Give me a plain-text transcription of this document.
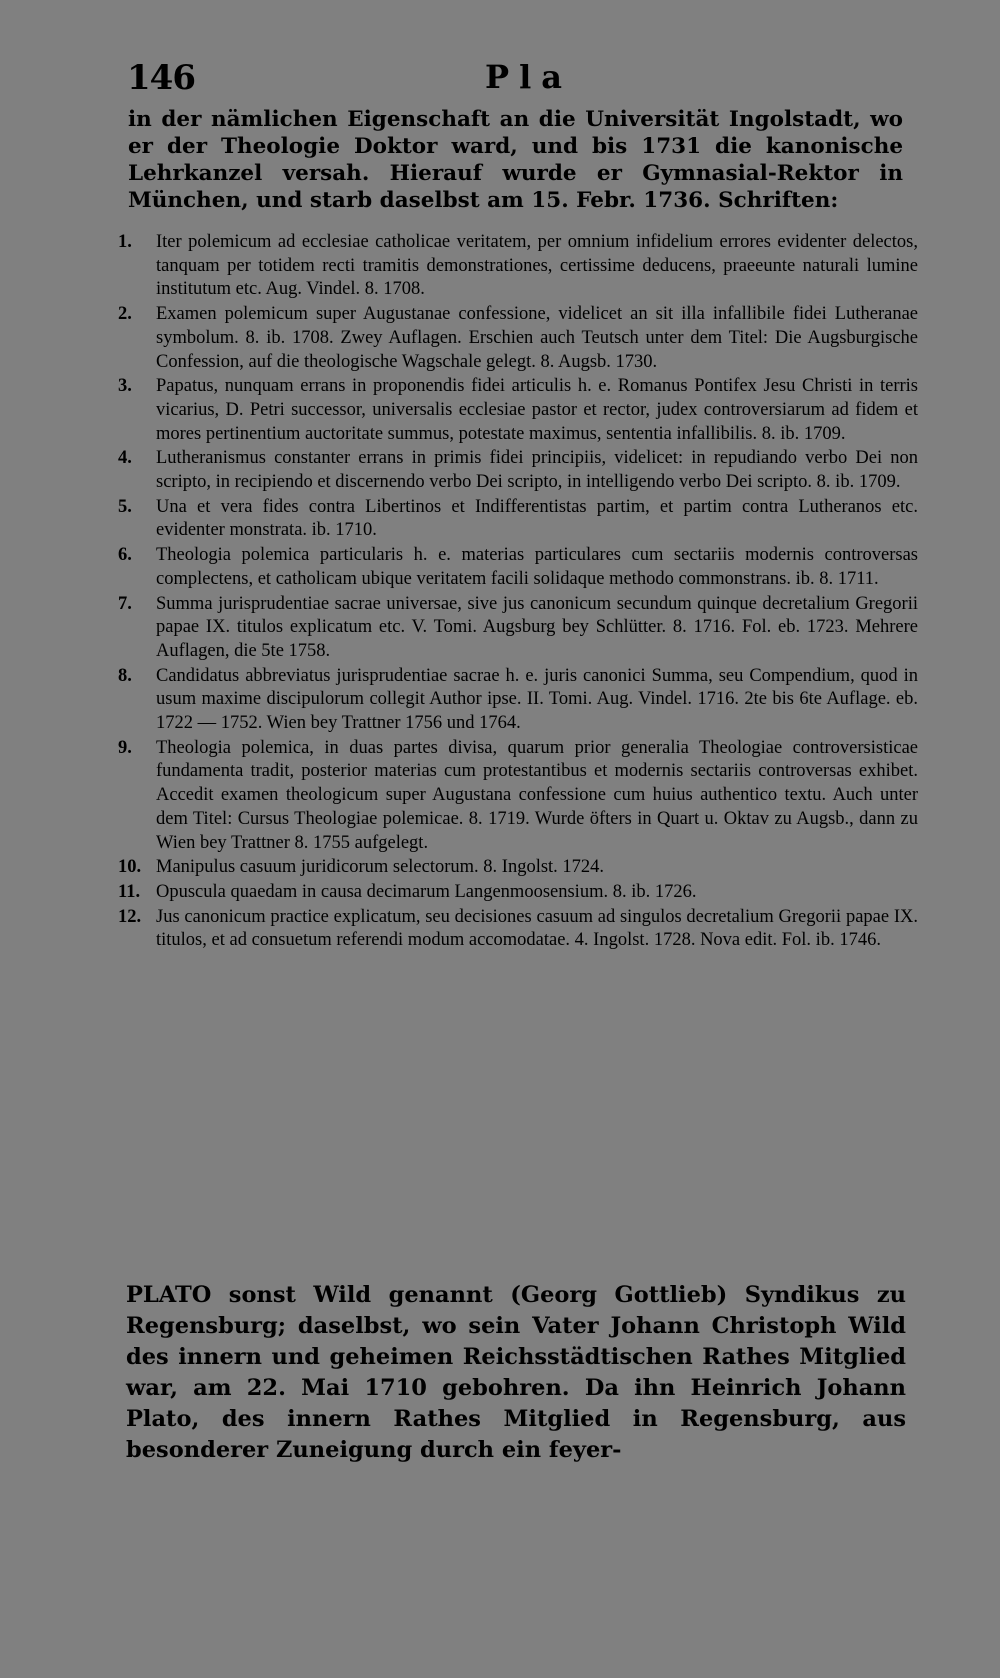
146	Pla

in der nämlichen Eigenschaft an die Universität Ingolstadt, wo er der Theologie Doktor ward, und bis 1731 die kanonische Lehrkanzel versah. Hierauf wurde er Gymnasial-Rektor in München, und starb daselbst am 15. Febr. 1736. Schriften:

1.	Iter polemicum ad ecclesiae catholicae veritatem, per omnium infidelium errores evidenter delectos, tanquam per totidem recti tramitis demonstrationes, certissime deducens, praeeunte naturali lumine institutum etc. Aug. Vindel. 8. 1708.
2.	Examen polemicum super Augustanae confessione, videlicet an sit illa infallibile fidei Lutheranae symbolum. 8. ib. 1708. Zwey Auflagen. Erschien auch Teutsch unter dem Titel: Die Augsburgische Confession, auf die theologische Wagschale gelegt. 8. Augsb. 1730.
3.	Papatus, nunquam errans in proponendis fidei articulis h. e. Romanus Pontifex Jesu Christi in terris vicarius, D. Petri successor, universalis ecclesiae pastor et rector, judex controversiarum ad fidem et mores pertinentium auctoritate summus, potestate maximus, sententia infallibilis. 8. ib. 1709.
4.	Lutheranismus constanter errans in primis fidei principiis, videlicet: in repudiando verbo Dei non scripto, in recipiendo et discernendo verbo Dei scripto, in intelligendo verbo Dei scripto. 8. ib. 1709.
5.	Una et vera fides contra Libertinos et Indifferentistas partim, et partim contra Lutheranos etc. evidenter monstrata. ib. 1710.
6.	Theologia polemica particularis h. e. materias particulares cum sectariis modernis controversas complectens, et catholicam ubique veritatem facili solidaque methodo commonstrans. ib. 8. 1711.
7.	Summa jurisprudentiae sacrae universae, sive jus canonicum secundum quinque decretalium Gregorii papae IX. titulos explicatum etc. V. Tomi. Augsburg bey Schlütter. 8. 1716. Fol. eb. 1723. Mehrere Auflagen, die 5te 1758.
8.	Candidatus abbreviatus jurisprudentiae sacrae h. e. juris canonici Summa, seu Compendium, quod in usum maxime discipulorum collegit Author ipse. II. Tomi. Aug. Vindel. 1716. 2te bis 6te Auflage. eb. 1722 — 1752. Wien bey Trattner 1756 und 1764.
9.	Theologia polemica, in duas partes divisa, quarum prior generalia Theologiae controversisticae fundamenta tradit, posterior materias cum protestantibus et modernis sectariis controversas exhibet. Accedit examen theologicum super Augustana confessione cum huius authentico textu. Auch unter dem Titel: Cursus Theologiae polemicae. 8. 1719. Wurde öfters in Quart u. Oktav zu Augsb., dann zu Wien bey Trattner 8. 1755 aufgelegt.
10. Manipulus casuum juridicorum selectorum. 8. Ingolst. 1724.
11. Opuscula quaedam in causa decimarum Langenmoosensium. 8. ib. 1726.
12. Jus canonicum practice explicatum, seu decisiones casuum ad singulos decretalium Gregorii papae IX. titulos, et ad consuetum referendi modum accomodatae. 4. Ingolst. 1728. Nova edit. Fol. ib. 1746.

PLATO sonst Wild genannt (Georg Gottlieb) Syndikus zu Regensburg; daselbst, wo sein Vater Johann Christoph Wild des innern und geheimen Reichsstädtischen Rathes Mitglied war, am 22. Mai 1710 gebohren. Da ihn Heinrich Johann Plato, des innern Rathes Mitglied in Regensburg, aus besonderer Zuneigung durch ein feyer-
